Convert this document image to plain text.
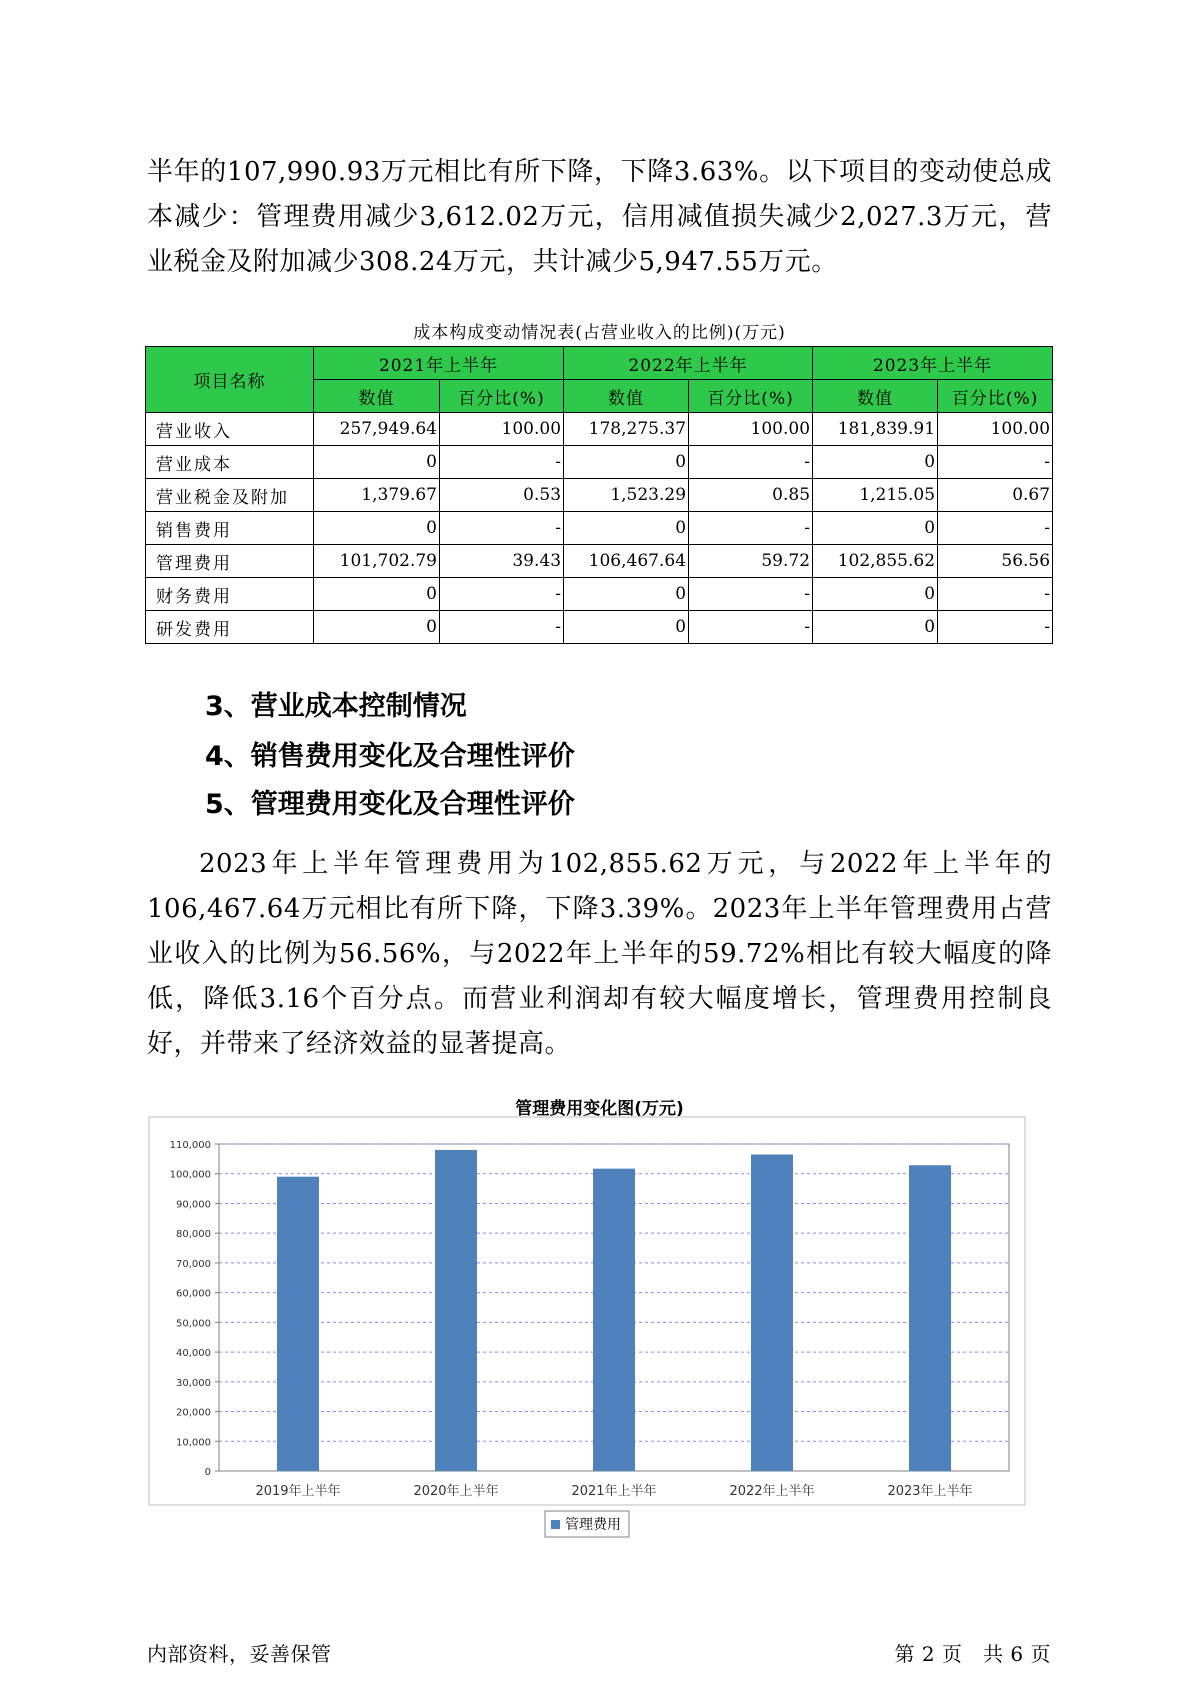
半年的107,990.93万元相比有所下降，下降3.63%。以下项目的变动使总成本减少：管理费用减少3,612.02万元，信用减值损失减少2,027.3万元，营业税金及附加减少308.24万元，共计减少5,947.55万元。

成本构成变动情况表(占营业收入的比例)(万元)
项目名称	2021年上半年		2022年上半年		2023年上半年	
	数值	百分比(%)	数值	百分比(%)	数值	百分比(%)
营业收入	257,949.64	100.00	178,275.37	100.00	181,839.91	100.00
营业成本	0	-	0	-	0	-
营业税金及附加	1,379.67	0.53	1,523.29	0.85	1,215.05	0.67
销售费用	0	-	0	-	0	-
管理费用	101,702.79	39.43	106,467.64	59.72	102,855.62	56.56
财务费用	0	-	0	-	0	-
研发费用	0	-	0	-	0	-
3、营业成本控制情况
4、销售费用变化及合理性评价
5、管理费用变化及合理性评价

2023年上半年管理费用为102,855.62万元，与2022年上半年的106,467.64万元相比有所下降，下降3.39%。2023年上半年管理费用占营业收入的比例为56.56%，与2022年上半年的59.72%相比有较大幅度的降低，降低3.16个百分点。而营业利润却有较大幅度增长，管理费用控制良好，并带来了经济效益的显著提高。

管理费用变化图(万元)
0
10,000
20,000
30,000
40,000
50,000
60,000
70,000
80,000
90,000
100,000
110,000
2019年上半年	2020年上半年	2021年上半年	2022年上半年	2023年上半年
管理费用
内部资料，妥善保管	第 2 页   共 6 页
